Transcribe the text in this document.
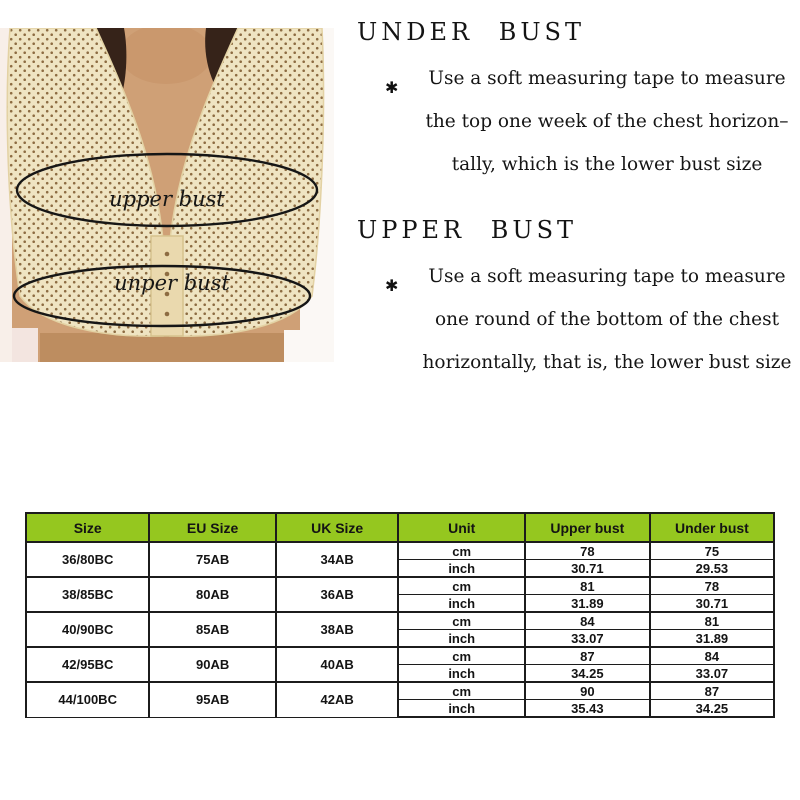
upper bust
unper bust
UNDER BUST
✱	Use a soft measuring tape to measure
the top one week of the chest horizon–
tally, which is the lower bust size
UPPER BUST
✱	Use a soft measuring tape to measure
one round of the bottom of the chest
horizontally, that is, the lower bust size
Size	EU Size	UK Size	Unit	Upper bust	Under bust
36/80BC	75AB	34AB	cm	78	75
			inch	30.71	29.53
38/85BC	80AB	36AB	cm	81	78
			inch	31.89	30.71
40/90BC	85AB	38AB	cm	84	81
			inch	33.07	31.89
42/95BC	90AB	40AB	cm	87	84
			inch	34.25	33.07
44/100BC	95AB	42AB	cm	90	87
			inch	35.43	34.25
